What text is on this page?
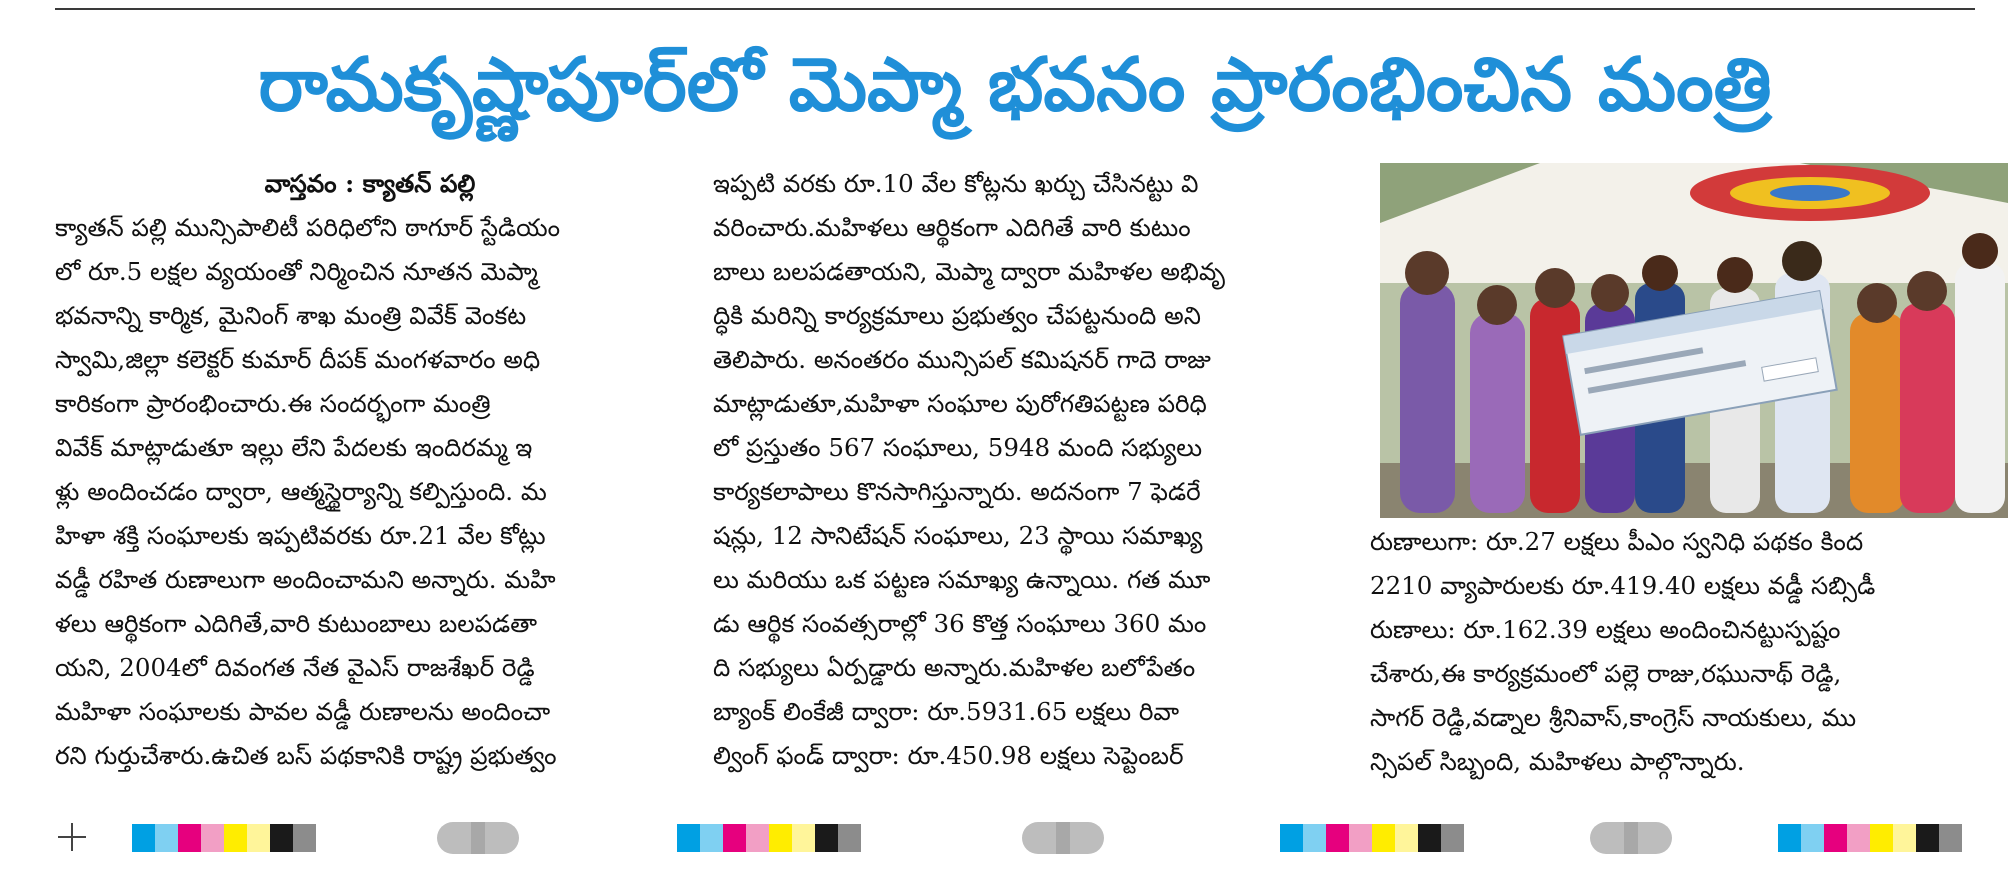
రామకృష్ణాపూర్‌లో మెప్మా భవనం ప్రారంభించిన మంత్రి

వాస్తవం : క్యాతన్ పల్లి

క్యాతన్ పల్లి మున్సిపాలిటీ పరిధిలోని ఠాగూర్ స్టేడియం

లో రూ.5 లక్షల వ్యయంతో నిర్మించిన నూతన మెప్మా

భవనాన్ని కార్మిక, మైనింగ్ శాఖ మంత్రి వివేక్ వెంకట

స్వామి,జిల్లా కలెక్టర్ కుమార్ దీపక్ మంగళవారం అధి

కారికంగా ప్రారంభించారు.ఈ సందర్భంగా మంత్రి

వివేక్ మాట్లాడుతూ ఇల్లు లేని పేదలకు ఇందిరమ్మ ఇ

ళ్లు అందించడం ద్వారా, ఆత్మస్థైర్యాన్ని కల్పిస్తుంది. మ

హిళా శక్తి సంఘాలకు ఇప్పటివరకు రూ.21 వేల కోట్లు

వడ్డీ రహిత రుణాలుగా అందించామని అన్నారు. మహి

ళలు ఆర్థికంగా ఎదిగితే,వారి కుటుంబాలు బలపడతా

యని, 2004లో దివంగత నేత వైఎస్ రాజశేఖర్ రెడ్డి

మహిళా సంఘాలకు పావల వడ్డీ రుణాలను అందించా

రని గుర్తుచేశారు.ఉచిత బస్ పథకానికి రాష్ట్ర ప్రభుత్వం

ఇప్పటి వరకు రూ.10 వేల కోట్లను ఖర్చు చేసినట్టు వి

వరించారు.మహిళలు ఆర్థికంగా ఎదిగితే వారి కుటుం

బాలు బలపడతాయని, మెప్మా ద్వారా మహిళల అభివృ

ద్ధికి మరిన్ని కార్యక్రమాలు ప్రభుత్వం చేపట్టనుంది అని

తెలిపారు. అనంతరం మున్సిపల్ కమిషనర్ గాదె రాజు

మాట్లాడుతూ,మహిళా సంఘాల పురోగతిపట్టణ పరిధి

లో ప్రస్తుతం 567 సంఘాలు, 5948 మంది సభ్యులు

కార్యకలాపాలు కొనసాగిస్తున్నారు. అదనంగా 7 ఫెడరే

షన్లు, 12 సానిటేషన్ సంఘాలు, 23 స్థాయి సమాఖ్య

లు మరియు ఒక పట్టణ సమాఖ్య ఉన్నాయి. గత మూ

డు ఆర్థిక సంవత్సరాల్లో 36 కొత్త సంఘాలు 360 మం

ది సభ్యులు ఏర్పడ్డారు అన్నారు.మహిళల బలోపేతం

బ్యాంక్ లింకేజీ ద్వారా: రూ.5931.65 లక్షలు రివా

ల్వింగ్ ఫండ్ ద్వారా: రూ.450.98 లక్షలు సెప్టెంబర్

రుణాలుగా: రూ.27 లక్షలు పీఎం స్వనిధి పథకం కింద

2210 వ్యాపారులకు రూ.419.40 లక్షలు వడ్డీ సబ్సిడీ

రుణాలు: రూ.162.39 లక్షలు అందించినట్టుస్పష్టం

చేశారు,ఈ కార్యక్రమంలో పల్లె రాజు,రఘునాథ్ రెడ్డి,

సాగర్ రెడ్డి,వడ్నాల శ్రీనివాస్,కాంగ్రెస్ నాయకులు, ము

న్సిపల్ సిబ్బంది, మహిళలు పాల్గొన్నారు.
